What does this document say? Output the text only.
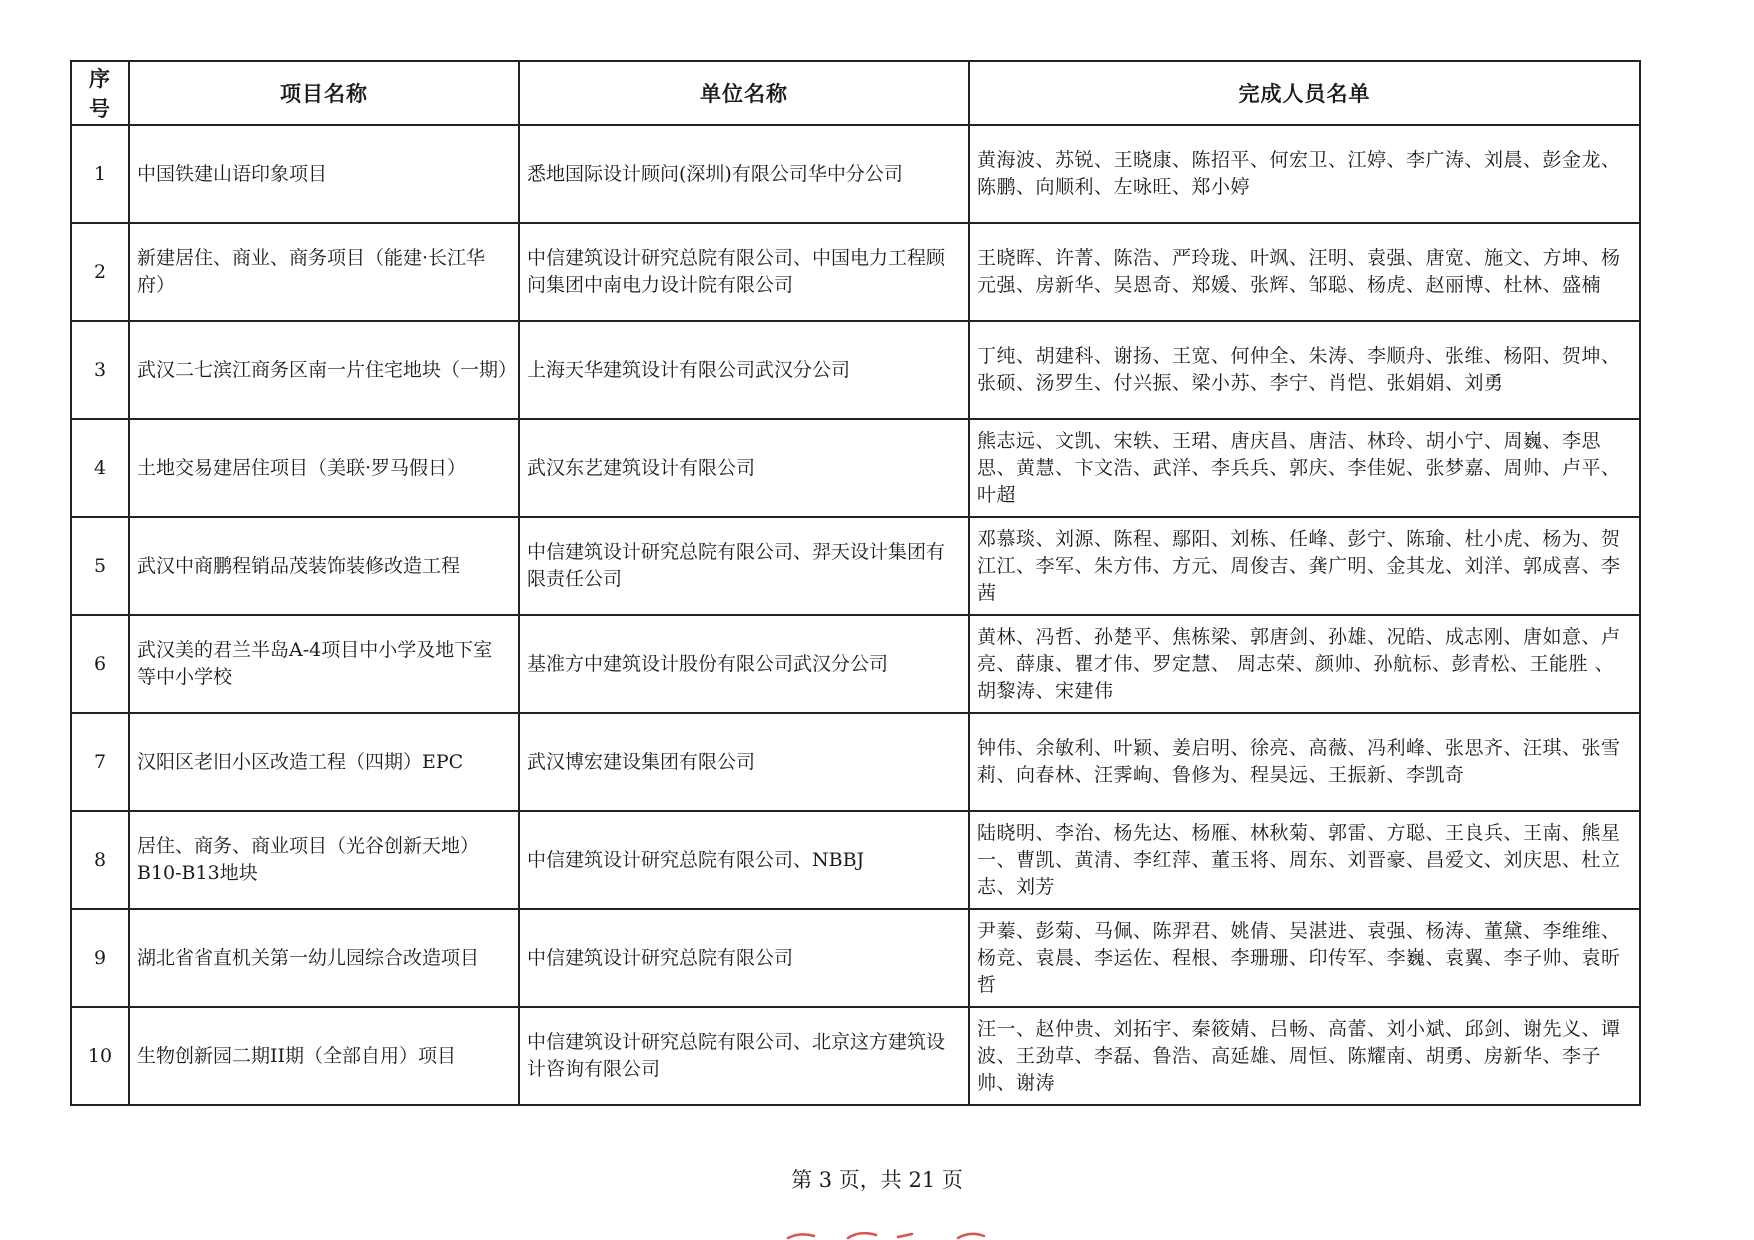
序号	项目名称	单位名称	完成人员名单
1	中国铁建山语印象项目	悉地国际设计顾问(深圳)有限公司华中分公司	黄海波、苏锐、王晓康、陈招平、何宏卫、江婷、李广涛、刘晨、彭金龙、陈鹏、向顺利、左咏旺、郑小婷
2	新建居住、商业、商务项目（能建·长江华府）	中信建筑设计研究总院有限公司、中国电力工程顾问集团中南电力设计院有限公司	王晓晖、许菁、陈浩、严玲珑、叶飒、汪明、袁强、唐宽、施文、方坤、杨元强、房新华、吴恩奇、郑媛、张辉、邹聪、杨虎、赵丽博、杜林、盛楠
3	武汉二七滨江商务区南一片住宅地块（一期）	上海天华建筑设计有限公司武汉分公司	丁纯、胡建科、谢扬、王宽、何仲全、朱涛、李顺舟、张维、杨阳、贺坤、张硕、汤罗生、付兴振、梁小苏、李宁、肖恺、张娟娟、刘勇
4	土地交易建居住项目（美联·罗马假日）	武汉东艺建筑设计有限公司	熊志远、文凯、宋轶、王珺、唐庆昌、唐洁、林玲、胡小宁、周巍、李思思、黄慧、卞文浩、武洋、李兵兵、郭庆、李佳妮、张梦嘉、周帅、卢平、叶超
5	武汉中商鹏程销品茂装饰装修改造工程	中信建筑设计研究总院有限公司、羿天设计集团有限责任公司	邓慕琰、刘源、陈程、鄢阳、刘栋、任峰、彭宁、陈瑜、杜小虎、杨为、贺江江、李军、朱方伟、方元、周俊吉、龚广明、金其龙、刘洋、郭成喜、李茜
6	武汉美的君兰半岛A-4项目中小学及地下室等中小学校	基准方中建筑设计股份有限公司武汉分公司	黄林、冯哲、孙楚平、焦栋梁、郭唐剑、孙雄、况皓、成志刚、唐如意、卢亮、薛康、瞿才伟、罗定慧、 周志荣、颜帅、孙航标、彭青松、王能胜 、 胡黎涛、宋建伟
7	汉阳区老旧小区改造工程（四期）EPC	武汉博宏建设集团有限公司	钟伟、余敏利、叶颖、姜启明、徐亮、高薇、冯利峰、张思齐、汪琪、张雪莉、向春林、汪霁峋、鲁修为、程昊远、王振新、李凯奇
8	居住、商务、商业项目（光谷创新天地）B10-B13地块	中信建筑设计研究总院有限公司、NBBJ	陆晓明、李治、杨先达、杨雁、林秋菊、郭雷、方聪、王良兵、王南、熊星一、曹凯、黄清、李红萍、董玉将、周东、刘晋豪、昌爱文、刘庆思、杜立志、刘芳
9	湖北省省直机关第一幼儿园综合改造项目	中信建筑设计研究总院有限公司	尹蓁、彭菊、马佩、陈羿君、姚倩、吴湛进、袁强、杨涛、董黛、李维维、杨竞、袁晨、李运佐、程根、李珊珊、印传军、李巍、袁翼、李子帅、袁昕哲
10	生物创新园二期II期（全部自用）项目	中信建筑设计研究总院有限公司、北京这方建筑设计咨询有限公司	汪一、赵仲贵、刘拓宇、秦筱婧、吕畅、高蕾、刘小斌、邱剑、谢先义、谭波、王劲草、李磊、鲁浩、高延雄、周恒、陈耀南、胡勇、房新华、李子帅、谢涛
第 3 页，共 21 页
